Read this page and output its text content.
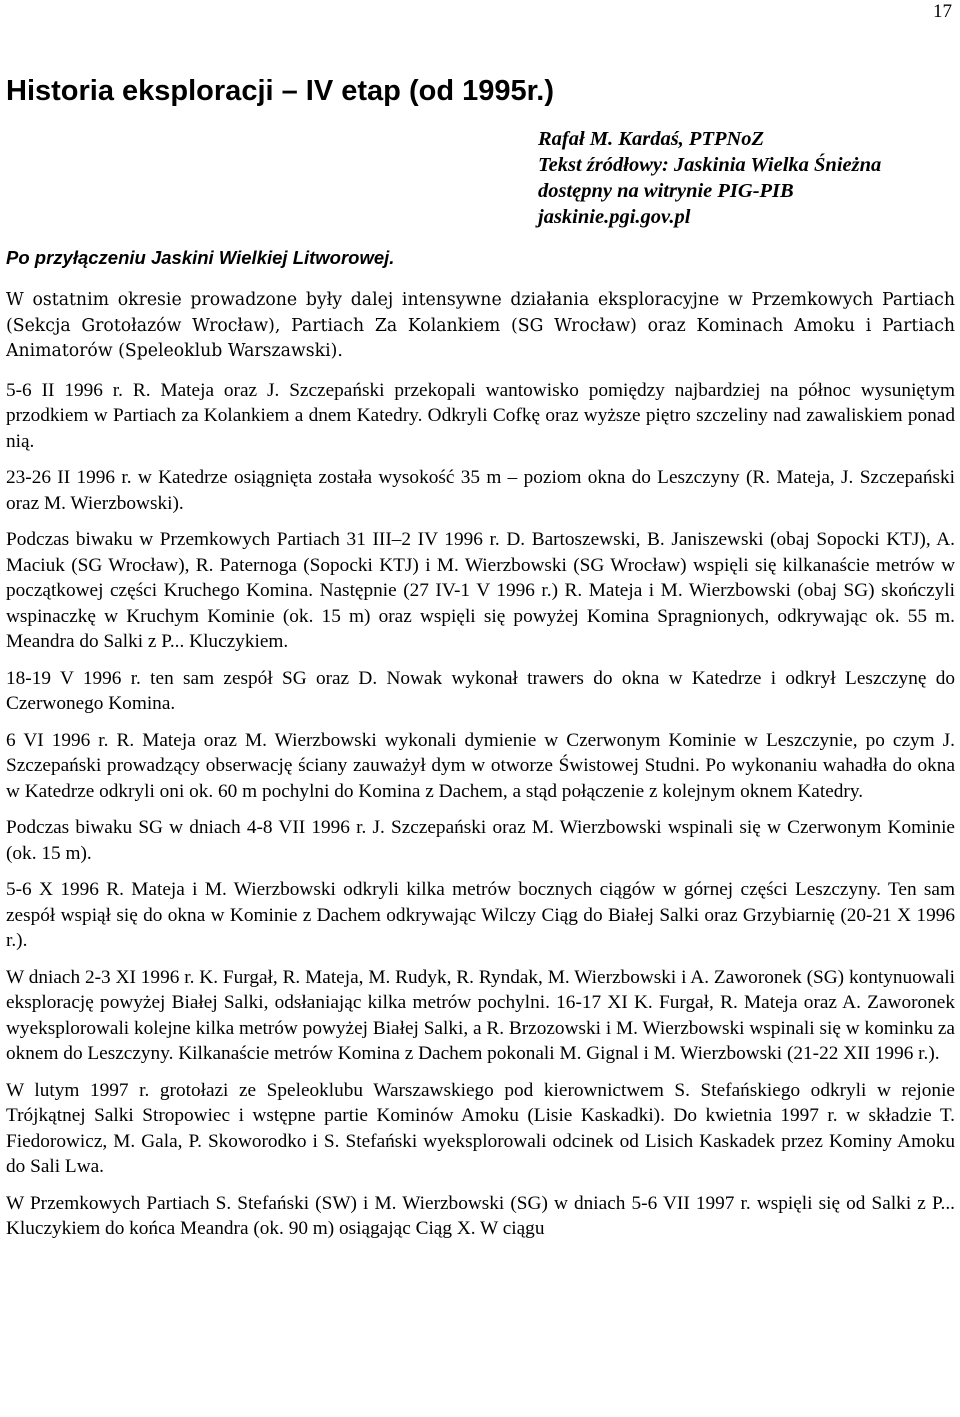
17
Historia eksploracji – IV etap (od 1995r.)
Rafał M. Kardaś, PTPNoZ
Tekst źródłowy: Jaskinia Wielka Śnieżna
dostępny na witrynie PIG-PIB
jaskinie.pgi.gov.pl
Po przyłączeniu Jaskini Wielkiej Litworowej.

W ostatnim okresie prowadzone były dalej intensywne działania eksploracyjne w Przemkowych Partiach (Sekcja Grotołazów Wrocław), Partiach Za Kolankiem (SG Wrocław) oraz Kominach Amoku i Partiach Animatorów (Speleoklub Warszawski).

5-6 II 1996 r. R. Mateja oraz J. Szczepański przekopali wantowisko pomiędzy najbardziej na północ wysuniętym przodkiem w Partiach za Kolankiem a dnem Katedry. Odkryli Cofkę oraz wyższe piętro szczeliny nad zawaliskiem ponad nią.

23-26 II 1996 r. w Katedrze osiągnięta została wysokość 35 m – poziom okna do Leszczyny (R. Mateja, J. Szczepański oraz M. Wierzbowski).

Podczas biwaku w Przemkowych Partiach 31 III–2 IV 1996 r. D. Bartoszewski, B. Janiszewski (obaj Sopocki KTJ), A. Maciuk (SG Wrocław), R. Paternoga (Sopocki KTJ) i M. Wierzbowski (SG Wrocław) wspięli się kilkanaście metrów w początkowej części Kruchego Komina. Następnie (27 IV-1 V 1996 r.) R. Mateja i M. Wierzbowski (obaj SG) skończyli wspinaczkę w Kruchym Kominie (ok. 15 m) oraz wspięli się powyżej Komina Spragnionych, odkrywając ok. 55 m. Meandra do Salki z P... Kluczykiem.

18-19 V 1996 r. ten sam zespół SG oraz D. Nowak wykonał trawers do okna w Katedrze i odkrył Leszczynę do Czerwonego Komina.

6 VI 1996 r. R. Mateja oraz M. Wierzbowski wykonali dymienie w Czerwonym Kominie w Leszczynie, po czym J. Szczepański prowadzący obserwację ściany zauważył dym w otworze Świstowej Studni. Po wykonaniu wahadła do okna w Katedrze odkryli oni ok. 60 m pochylni do Komina z Dachem, a stąd połączenie z kolejnym oknem Katedry.

Podczas biwaku SG w dniach 4-8 VII 1996 r. J. Szczepański oraz M. Wierzbowski wspinali się w Czerwonym Kominie (ok. 15 m).

5-6 X 1996 R. Mateja i M. Wierzbowski odkryli kilka metrów bocznych ciągów w górnej części Leszczyny. Ten sam zespół wspiął się do okna w Kominie z Dachem odkrywając Wilczy Ciąg do Białej Salki oraz Grzybiarnię (20-21 X 1996 r.).

W dniach 2-3 XI 1996 r. K. Furgał, R. Mateja, M. Rudyk, R. Ryndak, M. Wierzbowski i A. Zaworonek (SG) kontynuowali eksplorację powyżej Białej Salki, odsłaniając kilka metrów pochylni. 16-17 XI K. Furgał, R. Mateja oraz A. Zaworonek wyeksplorowali kolejne kilka metrów powyżej Białej Salki, a R. Brzozowski i M. Wierzbowski wspinali się w kominku za oknem do Leszczyny. Kilkanaście metrów Komina z Dachem pokonali M. Gignal i M. Wierzbowski (21-22 XII 1996 r.).

W lutym 1997 r. grotołazi ze Speleoklubu Warszawskiego pod kierownictwem S. Stefańskiego odkryli w rejonie Trójkątnej Salki Stropowiec i wstępne partie Kominów Amoku (Lisie Kaskadki). Do kwietnia 1997 r. w składzie T. Fiedorowicz, M. Gala, P. Skoworodko i S. Stefański wyeksplorowali odcinek od Lisich Kaskadek przez Kominy Amoku do Sali Lwa.

W Przemkowych Partiach S. Stefański (SW) i M. Wierzbowski (SG) w dniach 5-6 VII 1997 r. wspięli się od Salki z P... Kluczykiem do końca Meandra (ok. 90 m) osiągając Ciąg X. W ciągu
